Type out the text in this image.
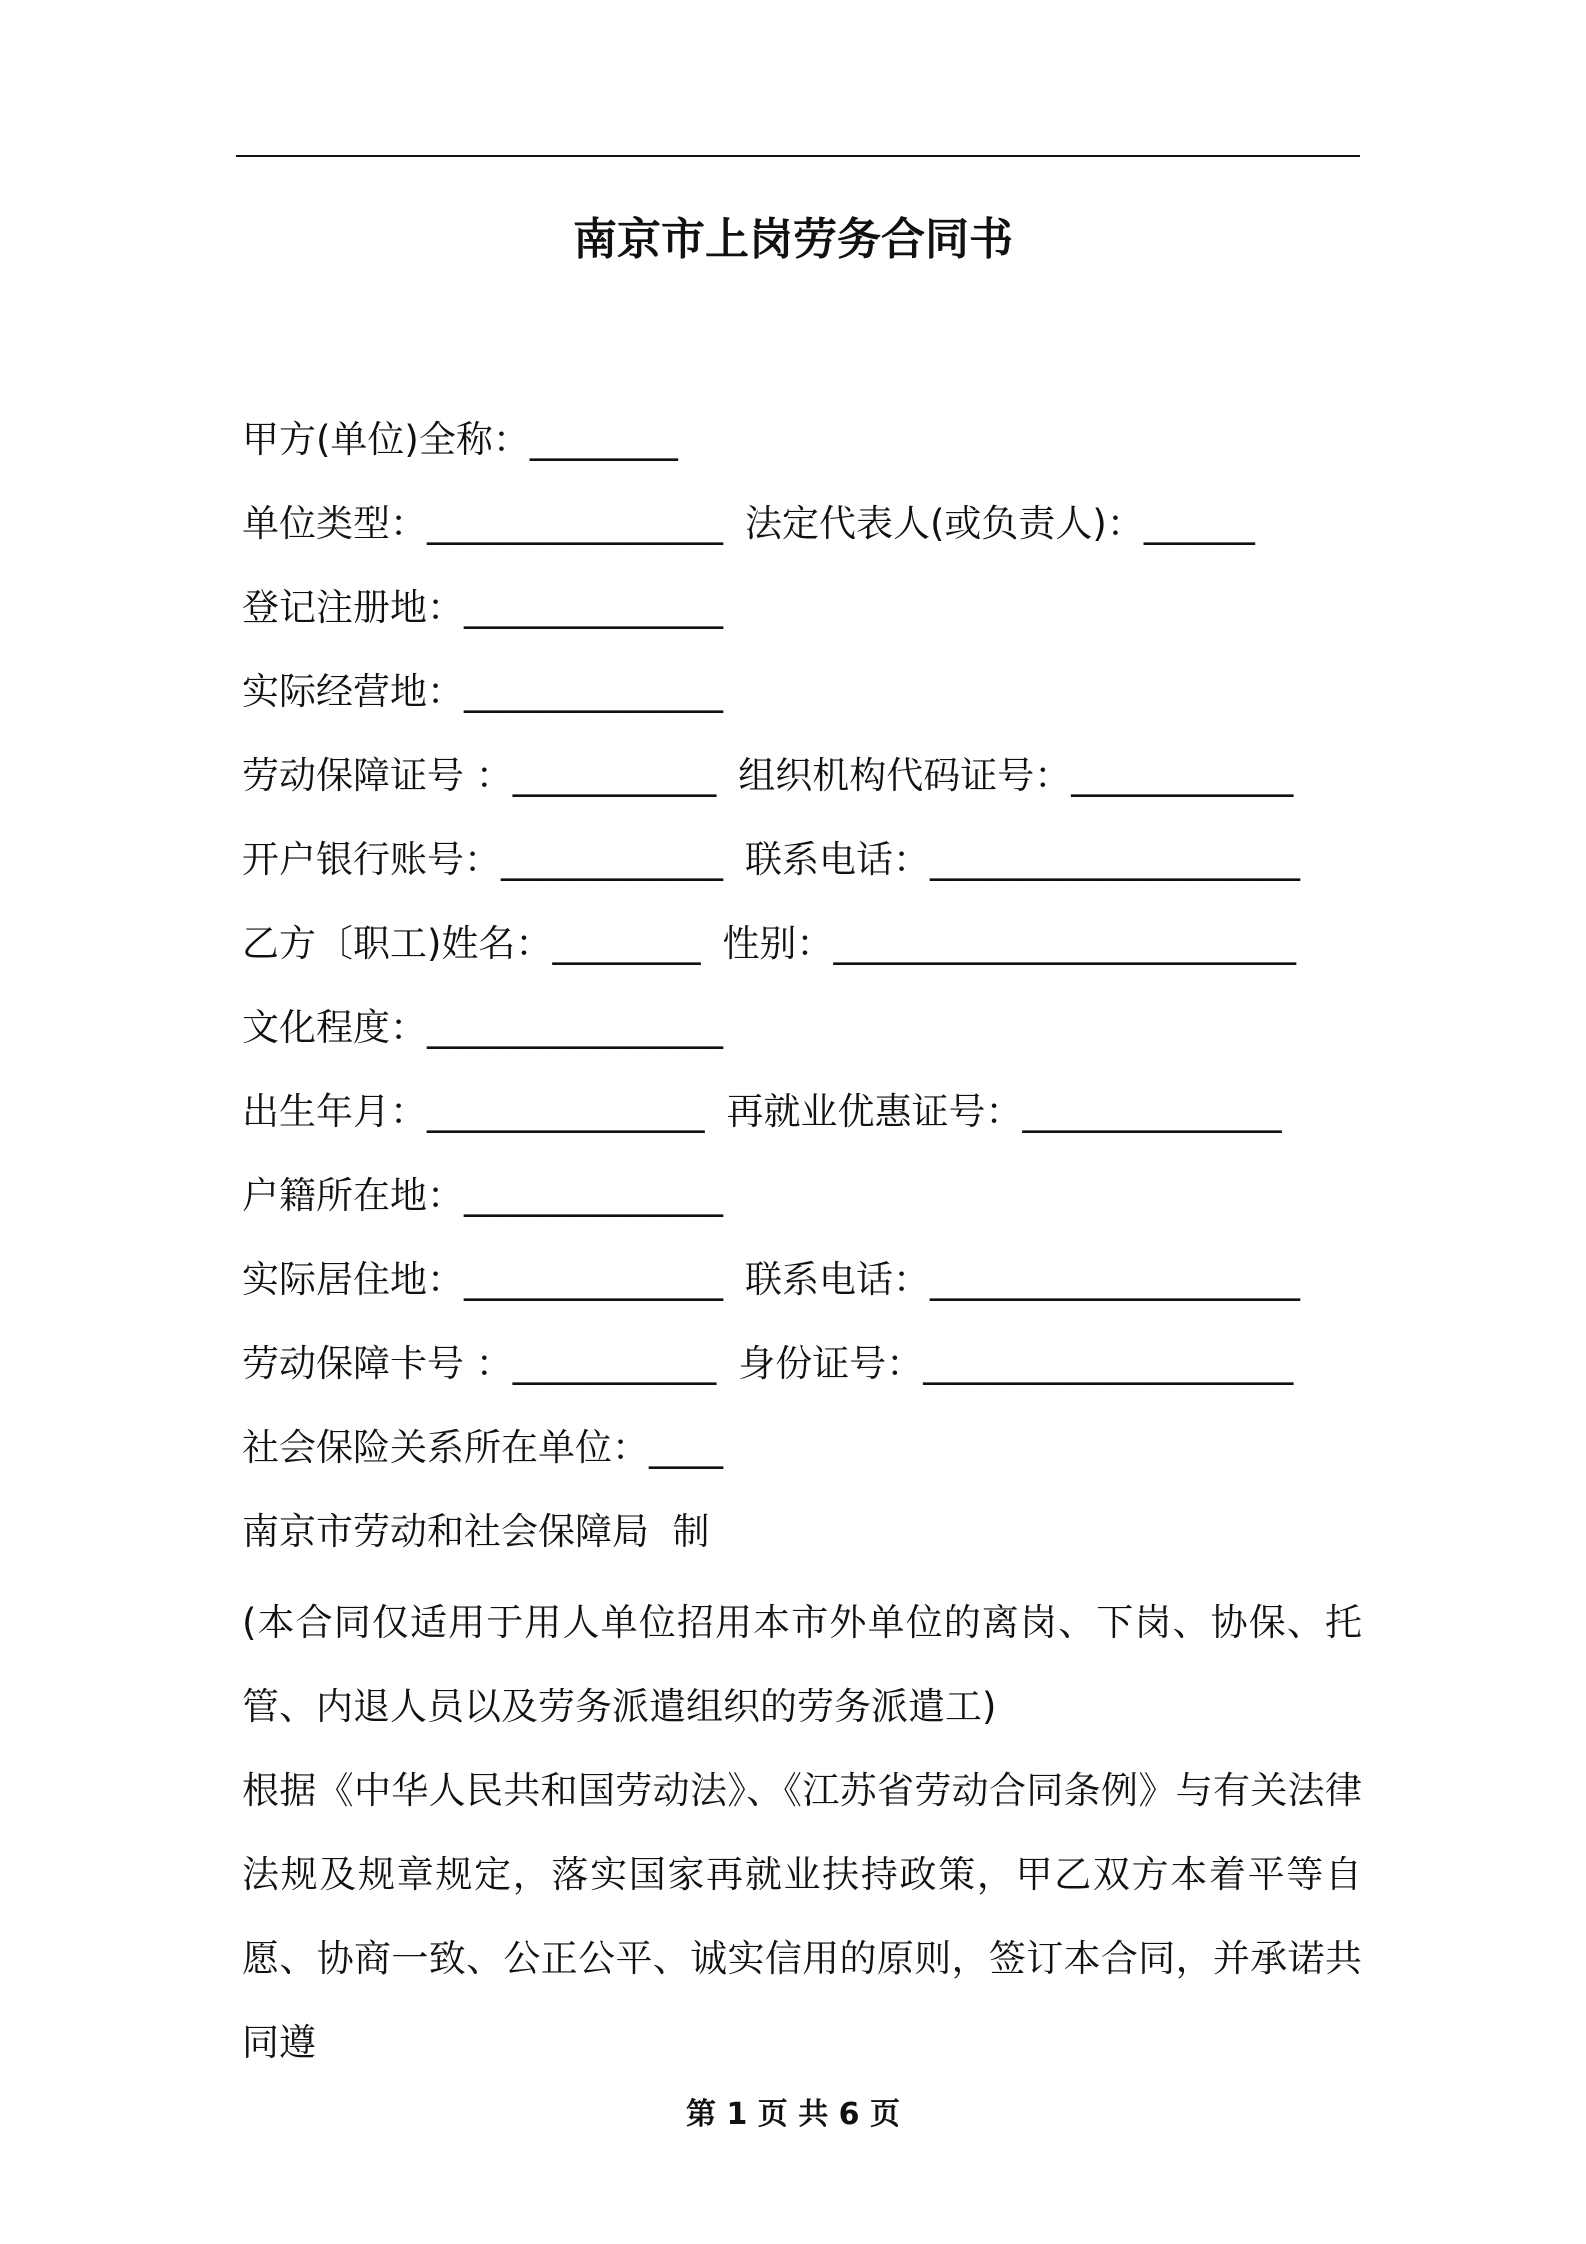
南京市上岗劳务合同书
甲方(单位)全称：________
单位类型：________________ 法定代表人(或负责人)：______
登记注册地：______________
实际经营地：______________
劳动保障证号 ：___________ 组织机构代码证号：____________
开户银行账号：____________ 联系电话：____________________
乙方〔职工)姓名：________ 性别：_________________________
文化程度：________________
出生年月：_______________ 再就业优惠证号：______________
户籍所在地：______________
实际居住地：______________ 联系电话：____________________
劳动保障卡号 ：___________ 身份证号：____________________
社会保险关系所在单位：____
南京市劳动和社会保障局  制
(本合同仅适用于用人单位招用本市外单位的离岗、下岗、协保、托管、内退人员以及劳务派遣组织的劳务派遣工)
根据《中华人民共和国劳动法》、《江苏省劳动合同条例》与有关法律法规及规章规定，落实国家再就业扶持政策，甲乙双方本着平等自愿、协商一致、公正公平、诚实信用的原则，签订本合同，并承诺共同遵
第 1 页 共 6 页
